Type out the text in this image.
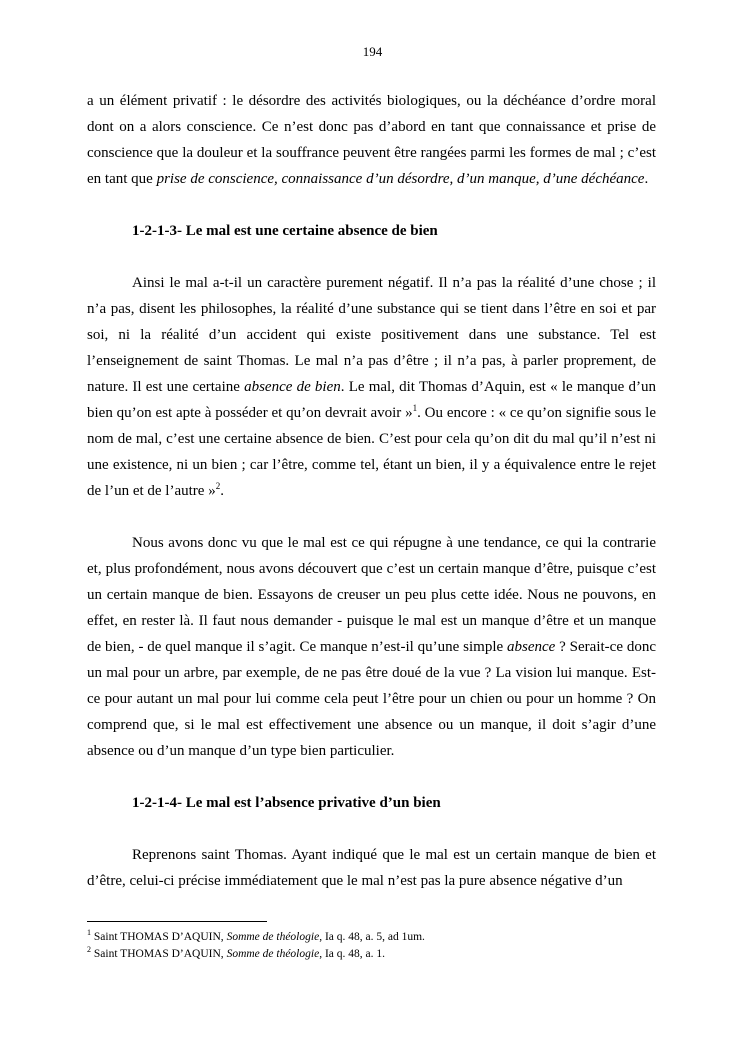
194

a un élément privatif : le désordre des activités biologiques, ou la déchéance d’ordre moral dont on a alors conscience. Ce n’est donc pas d’abord en tant que connaissance et prise de conscience que la douleur et la souffrance peuvent être rangées parmi les formes de mal ; c’est en tant que prise de conscience, connaissance d’un désordre, d’un manque, d’une déchéance.

1-2-1-3- Le mal est une certaine absence de bien

Ainsi le mal a-t-il un caractère purement négatif. Il n’a pas la réalité d’une chose ; il n’a pas, disent les philosophes, la réalité d’une substance qui se tient dans l’être en soi et par soi, ni la réalité d’un accident qui existe positivement dans une substance. Tel est l’enseignement de saint Thomas. Le mal n’a pas d’être ; il n’a pas, à parler proprement, de nature. Il est une certaine absence de bien. Le mal, dit Thomas d’Aquin, est « le manque d’un bien qu’on est apte à posséder et qu’on devrait avoir »$^1$. Ou encore : « ce qu’on signifie sous le nom de mal, c’est une certaine absence de bien. C’est pour cela qu’on dit du mal qu’il n’est ni une existence, ni un bien ; car l’être, comme tel, étant un bien, il y a équivalence entre le rejet de l’un et de l’autre »$^2$.

Nous avons donc vu que le mal est ce qui répugne à une tendance, ce qui la contrarie et, plus profondément, nous avons découvert que c’est un certain manque d’être, puisque c’est un certain manque de bien. Essayons de creuser un peu plus cette idée. Nous ne pouvons, en effet, en rester là. Il faut nous demander - puisque le mal est un manque d’être et un manque de bien, - de quel manque il s’agit. Ce manque n’est-il qu’une simple absence ? Serait-ce donc un mal pour un arbre, par exemple, de ne pas être doué de la vue ? La vision lui manque. Est-ce pour autant un mal pour lui comme cela peut l’être pour un chien ou pour un homme ? On comprend que, si le mal est effectivement une absence ou un manque, il doit s’agir d’une absence ou d’un manque d’un type bien particulier.

1-2-1-4- Le mal est l’absence privative d’un bien

Reprenons saint Thomas. Ayant indiqué que le mal est un certain manque de bien et d’être, celui-ci précise immédiatement que le mal n’est pas la pure absence négative d’un

$^1$ Saint THOMAS D’AQUIN, Somme de théologie, Ia q. 48, a. 5, ad 1um.

$^2$ Saint THOMAS D’AQUIN, Somme de théologie, Ia q. 48, a. 1.
